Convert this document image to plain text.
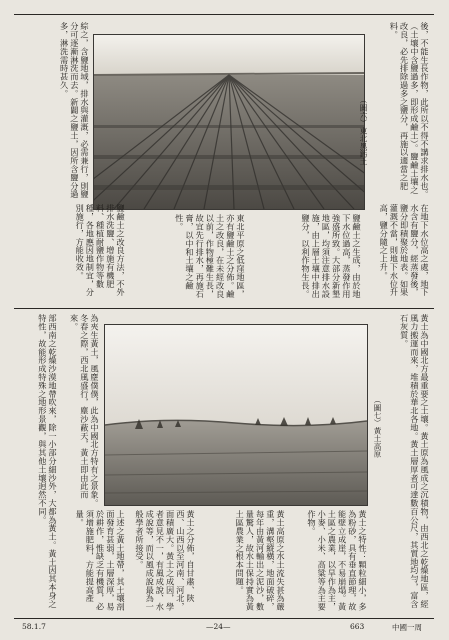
後，不能生長作物，此所以不得不講求排水也。（土壤中含鹽過多，即形成鹼土）。鹽鹼土壤之改良，必先排除過多之鹽分，再施以適當之肥料。
（圖六）東北黑鈣土
綜之，含鹽地域，排水與灌溉，必需兼行，則鹽分可逐漸淋洗而去。新闢之鹽土，因所含鹽分過多，淋洗需時甚久。
在地下水位高之處，地下水含有鹽分，經蒸發後，鹽分即積聚於地表。如果灌溉不當，則地下水位升高，鹽分隨之上升。
鹽鹼土之生成，由於地下水位過高，蒸發作用強盛所致。大部分新墾地區，均須注意排水設施，由上層土壤中排出鹽分，以利作物生長。
東北平原之低窪地區，亦有鹽鹼土之分佈。鹼土之改良，在未經改良以前，作物極難生長，故宜先行排水，再施石膏，以中和土壤之鹼性。
鹽鹼土之改良方法，不外排水洗鹽、增施有機肥料、種植耐鹽作物等數種，各地應因地制宜，分別施行，方能收效。
黃土為中國北方最重要之土壤。黃土原為風成之沉積物，由西北之乾燥地區，經風力搬運而來，堆積於華北各地。黃土層厚者可達數百公尺，其質地均勻，富含石灰質。
（圖七）黃土高原
為夾生黃土，風塵僕僕，此為中國北方特有之景象。冬春之際，西北風盛行，塵沙蔽天，黃土即由此而來。
部西南之乾燥沙漠地帶吹來，除一小部分細沙外，大都為黃土。黃土因其本身之特性，故能形成特殊之地形景觀，與其他土壤迥然不同。
黃土之特性：顆粒細小，多為粉砂，具有垂直節理，故能壁立成崖，不易崩塌。黃土區之農業，以旱作為主，小麥、小米、高粱等為主要作物。
黃土高原之水土流失甚為嚴重，溝壑縱橫，地面破碎，每年由黃河輸出之泥沙，數量驚人，故水土保持實為黃土區農業之根本問題。
黃土之分佈，自甘肅、陝西、山西以至河南、河北，面積廣大。黃土之成因，學者意見不一，有風成說、水成說等，而以風成說最為一般學者所接受。
上述之黃土地帶，其土壤剖面發育甚弱，土層深厚，易於耕作，惟缺乏有機質，必須增施肥料，方能提高產量。
663	中國一周
—24—
58.1.7
